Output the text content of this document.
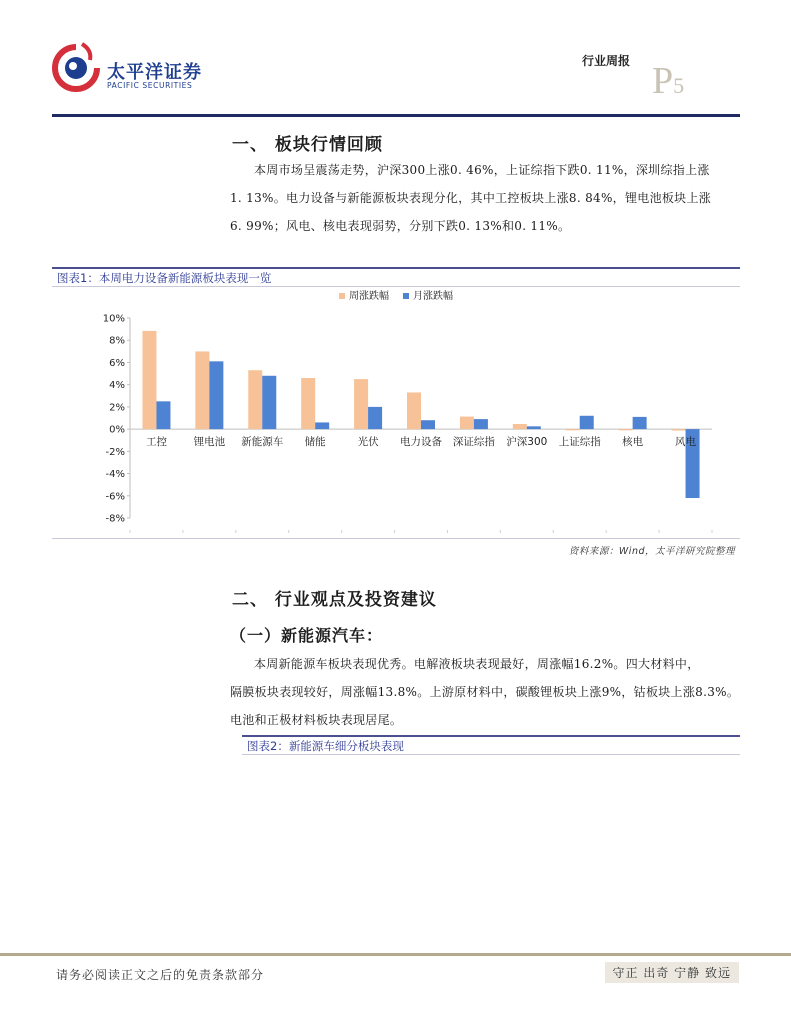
太平洋证券
PACIFIC SECURITIES
行业周报 P5
一、 板块行情回顾
本周市场呈震荡走势，沪深300上涨0. 46%，上证综指下跌0. 11%，深圳综指上涨
1. 13%。电力设备与新能源板块表现分化，其中工控板块上涨8. 84%，锂电池板块上涨
6. 99%；风电、核电表现弱势，分别下跌0. 13%和0. 11%。
图表1：本周电力设备新能源板块表现一览
周涨跌幅 月涨跌幅
10%
8%
6%
4%
2%
0%
-2%
-4%
-6%
-8%
工控	锂电池 新能源车 储能	光伏 电力设备 深证综指 沪深300 上证综指 核电	风电
资料来源：Wind，太平洋研究院整理
二、 行业观点及投资建议
（一）新能源汽车：
本周新能源车板块表现优秀。电解液板块表现最好，周涨幅16.2%。四大材料中，
隔膜板块表现较好，周涨幅13.8%。上游原材料中，碳酸锂板块上涨9%，钴板块上涨8.3%。
电池和正极材料板块表现居尾。
图表2：新能源车细分板块表现
请务必阅读正文之后的免责条款部分	守正 出奇 宁静 致远
